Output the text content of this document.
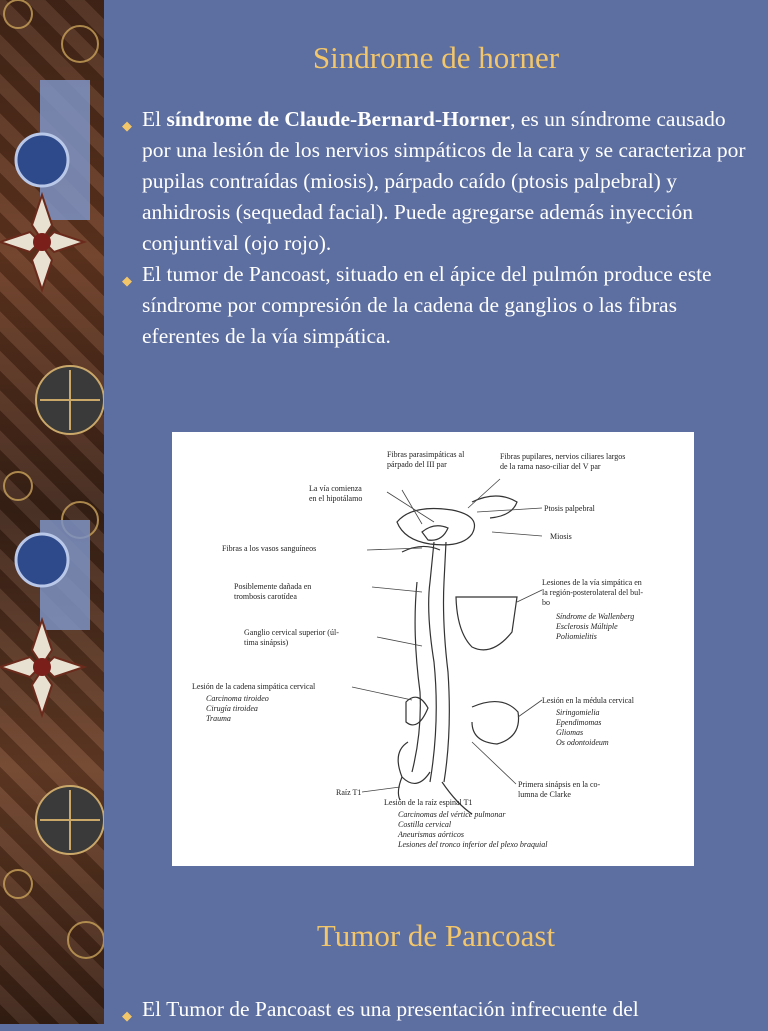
Sindrome de horner
◆ El síndrome de Claude-Bernard-Horner, es un síndrome causado por una lesión de los nervios simpáticos de la cara y se caracteriza por pupilas contraídas (miosis), párpado caído (ptosis palpebral) y anhidrosis (sequedad facial). Puede agregarse además inyección conjuntival (ojo rojo).
◆ El tumor de Pancoast, situado en el ápice del pulmón produce este síndrome por compresión de la cadena de ganglios o las fibras eferentes de la vía simpática.
Fibras parasimpáticas al
párpado del III par
Fibras pupilares, nervios ciliares largos
de la rama naso-ciliar del V par
La vía comienza
en el hipotálamo
Ptosis palpebral
Miosis
Fibras a los vasos sanguíneos
Posiblemente dañada en
trombosis carotídea
Lesiones de la vía simpática en
la región-posterolateral del bul-
bo
Síndrome de Wallenberg
Esclerosis Múltiple
Poliomielitis
Ganglio cervical superior (úl-
tima sinápsis)
Lesión de la cadena simpática cervical
Carcinoma tiroideo
Cirugía tiroidea
Trauma
Lesión en la médula cervical
Siringomielia
Ependimomas
Gliomas
Os odontoideum
Raíz T1
Primera sinápsis en la co-
lumna de Clarke
Lesión de la raíz espinal T1
Carcinomas del vértice pulmonar
Costilla cervical
Aneurismas aórticos
Lesiones del tronco inferior del plexo braquial
Tumor de Pancoast
◆ El Tumor de Pancoast es una presentación infrecuente del
